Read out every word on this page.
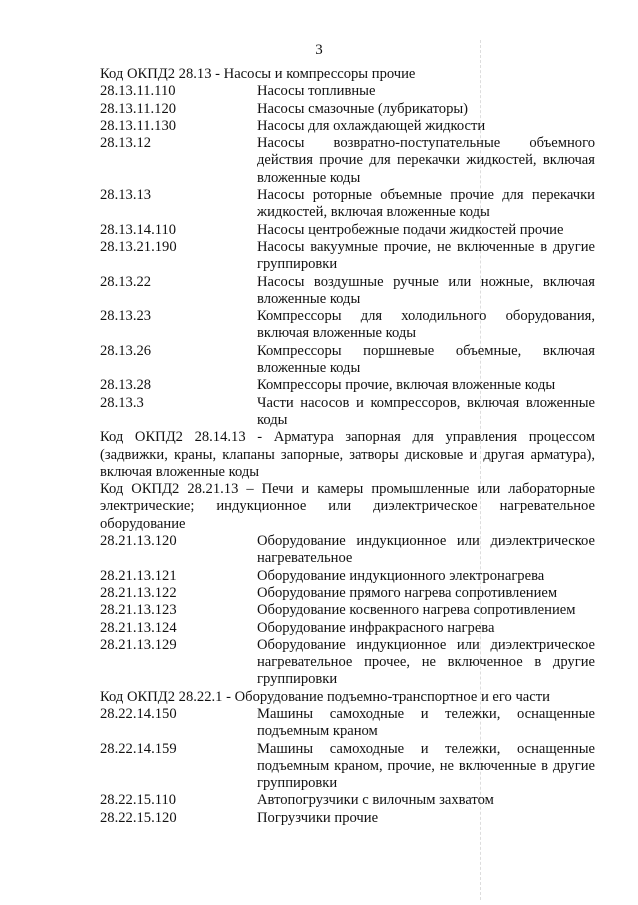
3
Код ОКПД2 28.13 - Насосы и компрессоры прочие
28.13.11.110	Насосы топливные
28.13.11.120	Насосы смазочные (лубрикаторы)
28.13.11.130	Насосы для охлаждающей жидкости
28.13.12	Насосы возвратно-поступательные объемного действия прочие для перекачки жидкостей, включая вложенные коды
28.13.13	Насосы роторные объемные прочие для перекачки жидкостей, включая вложенные коды
28.13.14.110	Насосы центробежные подачи жидкостей прочие
28.13.21.190	Насосы вакуумные прочие, не включенные в другие группировки
28.13.22	Насосы воздушные ручные или ножные, включая вложенные коды
28.13.23	Компрессоры для холодильного оборудования, включая вложенные коды
28.13.26	Компрессоры поршневые объемные, включая вложенные коды
28.13.28	Компрессоры прочие, включая вложенные коды
28.13.3	Части насосов и компрессоров, включая вложенные коды
Код ОКПД2 28.14.13 - Арматура запорная для управления процессом (задвижки, краны, клапаны запорные, затворы дисковые и другая арматура), включая вложенные коды
Код ОКПД2 28.21.13 – Печи и камеры промышленные или лабораторные электрические; индукционное или диэлектрическое нагревательное оборудование
28.21.13.120	Оборудование индукционное или диэлектрическое нагревательное
28.21.13.121	Оборудование индукционного электронагрева
28.21.13.122	Оборудование прямого нагрева сопротивлением
28.21.13.123	Оборудование косвенного нагрева сопротивлением
28.21.13.124	Оборудование инфракрасного нагрева
28.21.13.129	Оборудование индукционное или диэлектрическое нагревательное прочее, не включенное в другие группировки
Код ОКПД2 28.22.1 - Оборудование подъемно-транспортное и его части
28.22.14.150	Машины самоходные и тележки, оснащенные подъемным краном
28.22.14.159	Машины самоходные и тележки, оснащенные подъемным краном, прочие, не включенные в другие группировки
28.22.15.110	Автопогрузчики с вилочным захватом
28.22.15.120	Погрузчики прочие
